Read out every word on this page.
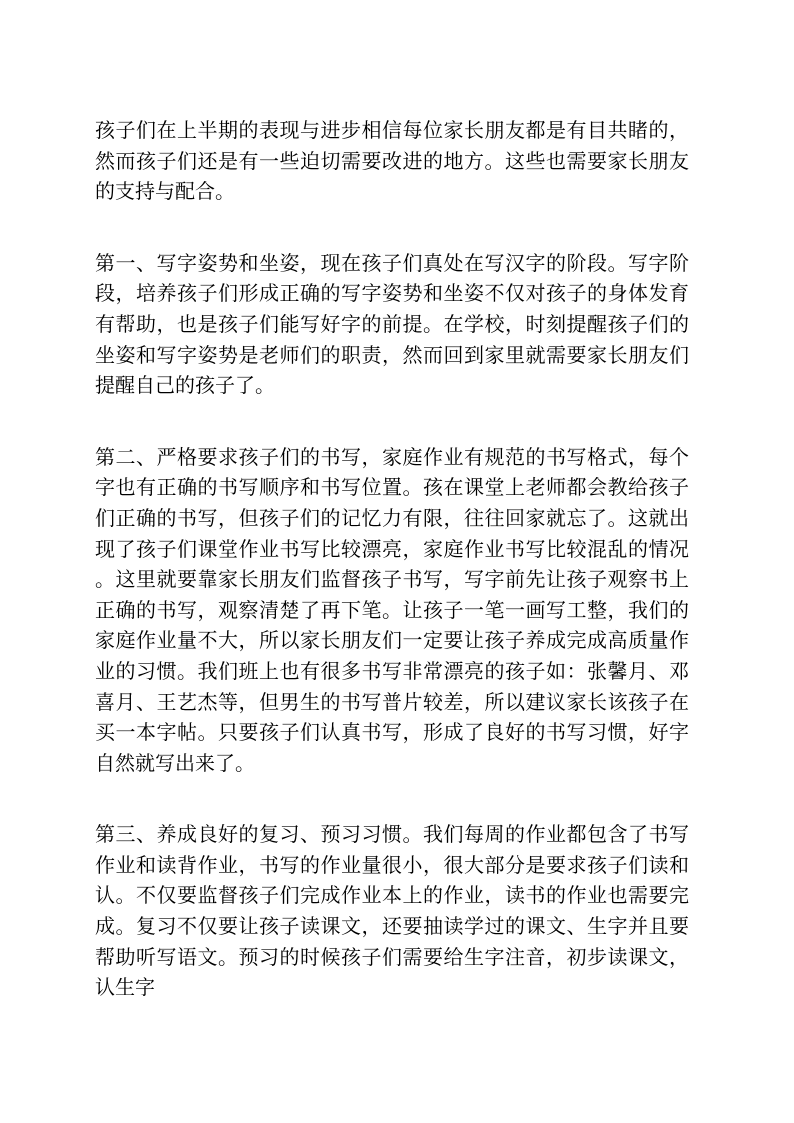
孩子们在上半期的表现与进步相信每位家长朋友都是有目共睹的，然而孩子们还是有一些迫切需要改进的地方。这些也需要家长朋友的支持与配合。

第一、写字姿势和坐姿，现在孩子们真处在写汉字的阶段。写字阶段，培养孩子们形成正确的写字姿势和坐姿不仅对孩子的身体发育有帮助，也是孩子们能写好字的前提。在学校，时刻提醒孩子们的坐姿和写字姿势是老师们的职责，然而回到家里就需要家长朋友们提醒自己的孩子了。

第二、严格要求孩子们的书写，家庭作业有规范的书写格式，每个字也有正确的书写顺序和书写位置。孩在课堂上老师都会教给孩子们正确的书写，但孩子们的记忆力有限，往往回家就忘了。这就出现了孩子们课堂作业书写比较漂亮，家庭作业书写比较混乱的情况。这里就要靠家长朋友们监督孩子书写，写字前先让孩子观察书上正确的书写，观察清楚了再下笔。让孩子一笔一画写工整，我们的家庭作业量不大，所以家长朋友们一定要让孩子养成完成高质量作业的习惯。我们班上也有很多书写非常漂亮的孩子如：张馨月、邓喜月、王艺杰等，但男生的书写普片较差，所以建议家长该孩子在买一本字帖。只要孩子们认真书写，形成了良好的书写习惯，好字自然就写出来了。

第三、养成良好的复习、预习习惯。我们每周的作业都包含了书写作业和读背作业，书写的作业量很小，很大部分是要求孩子们读和认。不仅要监督孩子们完成作业本上的作业，读书的作业也需要完成。复习不仅要让孩子读课文，还要抽读学过的课文、生字并且要帮助听写语文。预习的时候孩子们需要给生字注音，初步读课文，认生字
